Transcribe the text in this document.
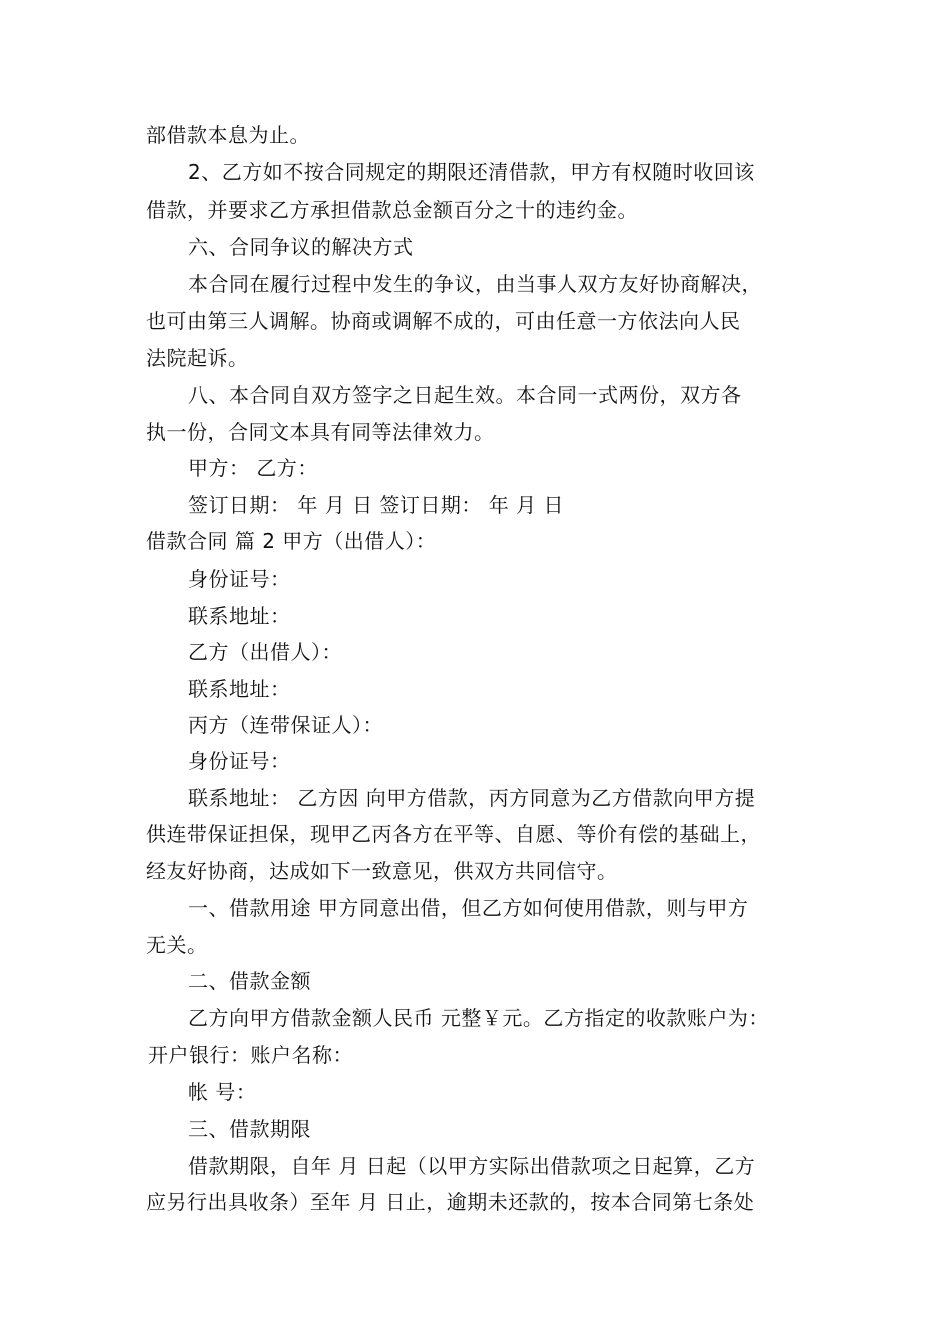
部借款本息为止。
2、乙方如不按合同规定的期限还清借款，甲方有权随时收回该
借款，并要求乙方承担借款总金额百分之十的违约金。
六、合同争议的解决方式
本合同在履行过程中发生的争议，由当事人双方友好协商解决，
也可由第三人调解。协商或调解不成的，可由任意一方依法向人民
法院起诉。
八、本合同自双方签字之日起生效。本合同一式两份，双方各
执一份，合同文本具有同等法律效力。
甲方： 乙方：
签订日期： 年 月 日 签订日期： 年 月 日
借款合同 篇 2 甲方（出借人）：
身份证号：
联系地址：
乙方（出借人）：
联系地址：
丙方（连带保证人）：
身份证号：
联系地址： 乙方因 向甲方借款，丙方同意为乙方借款向甲方提
供连带保证担保，现甲乙丙各方在平等、自愿、等价有偿的基础上，
经友好协商，达成如下一致意见，供双方共同信守。
一、借款用途 甲方同意出借，但乙方如何使用借款，则与甲方
无关。
二、借款金额
乙方向甲方借款金额人民币 元整￥元。乙方指定的收款账户为：
开户银行：账户名称：
帐 号：
三、借款期限
借款期限，自年 月 日起（以甲方实际出借款项之日起算，乙方
应另行出具收条）至年 月 日止，逾期未还款的，按本合同第七条处
